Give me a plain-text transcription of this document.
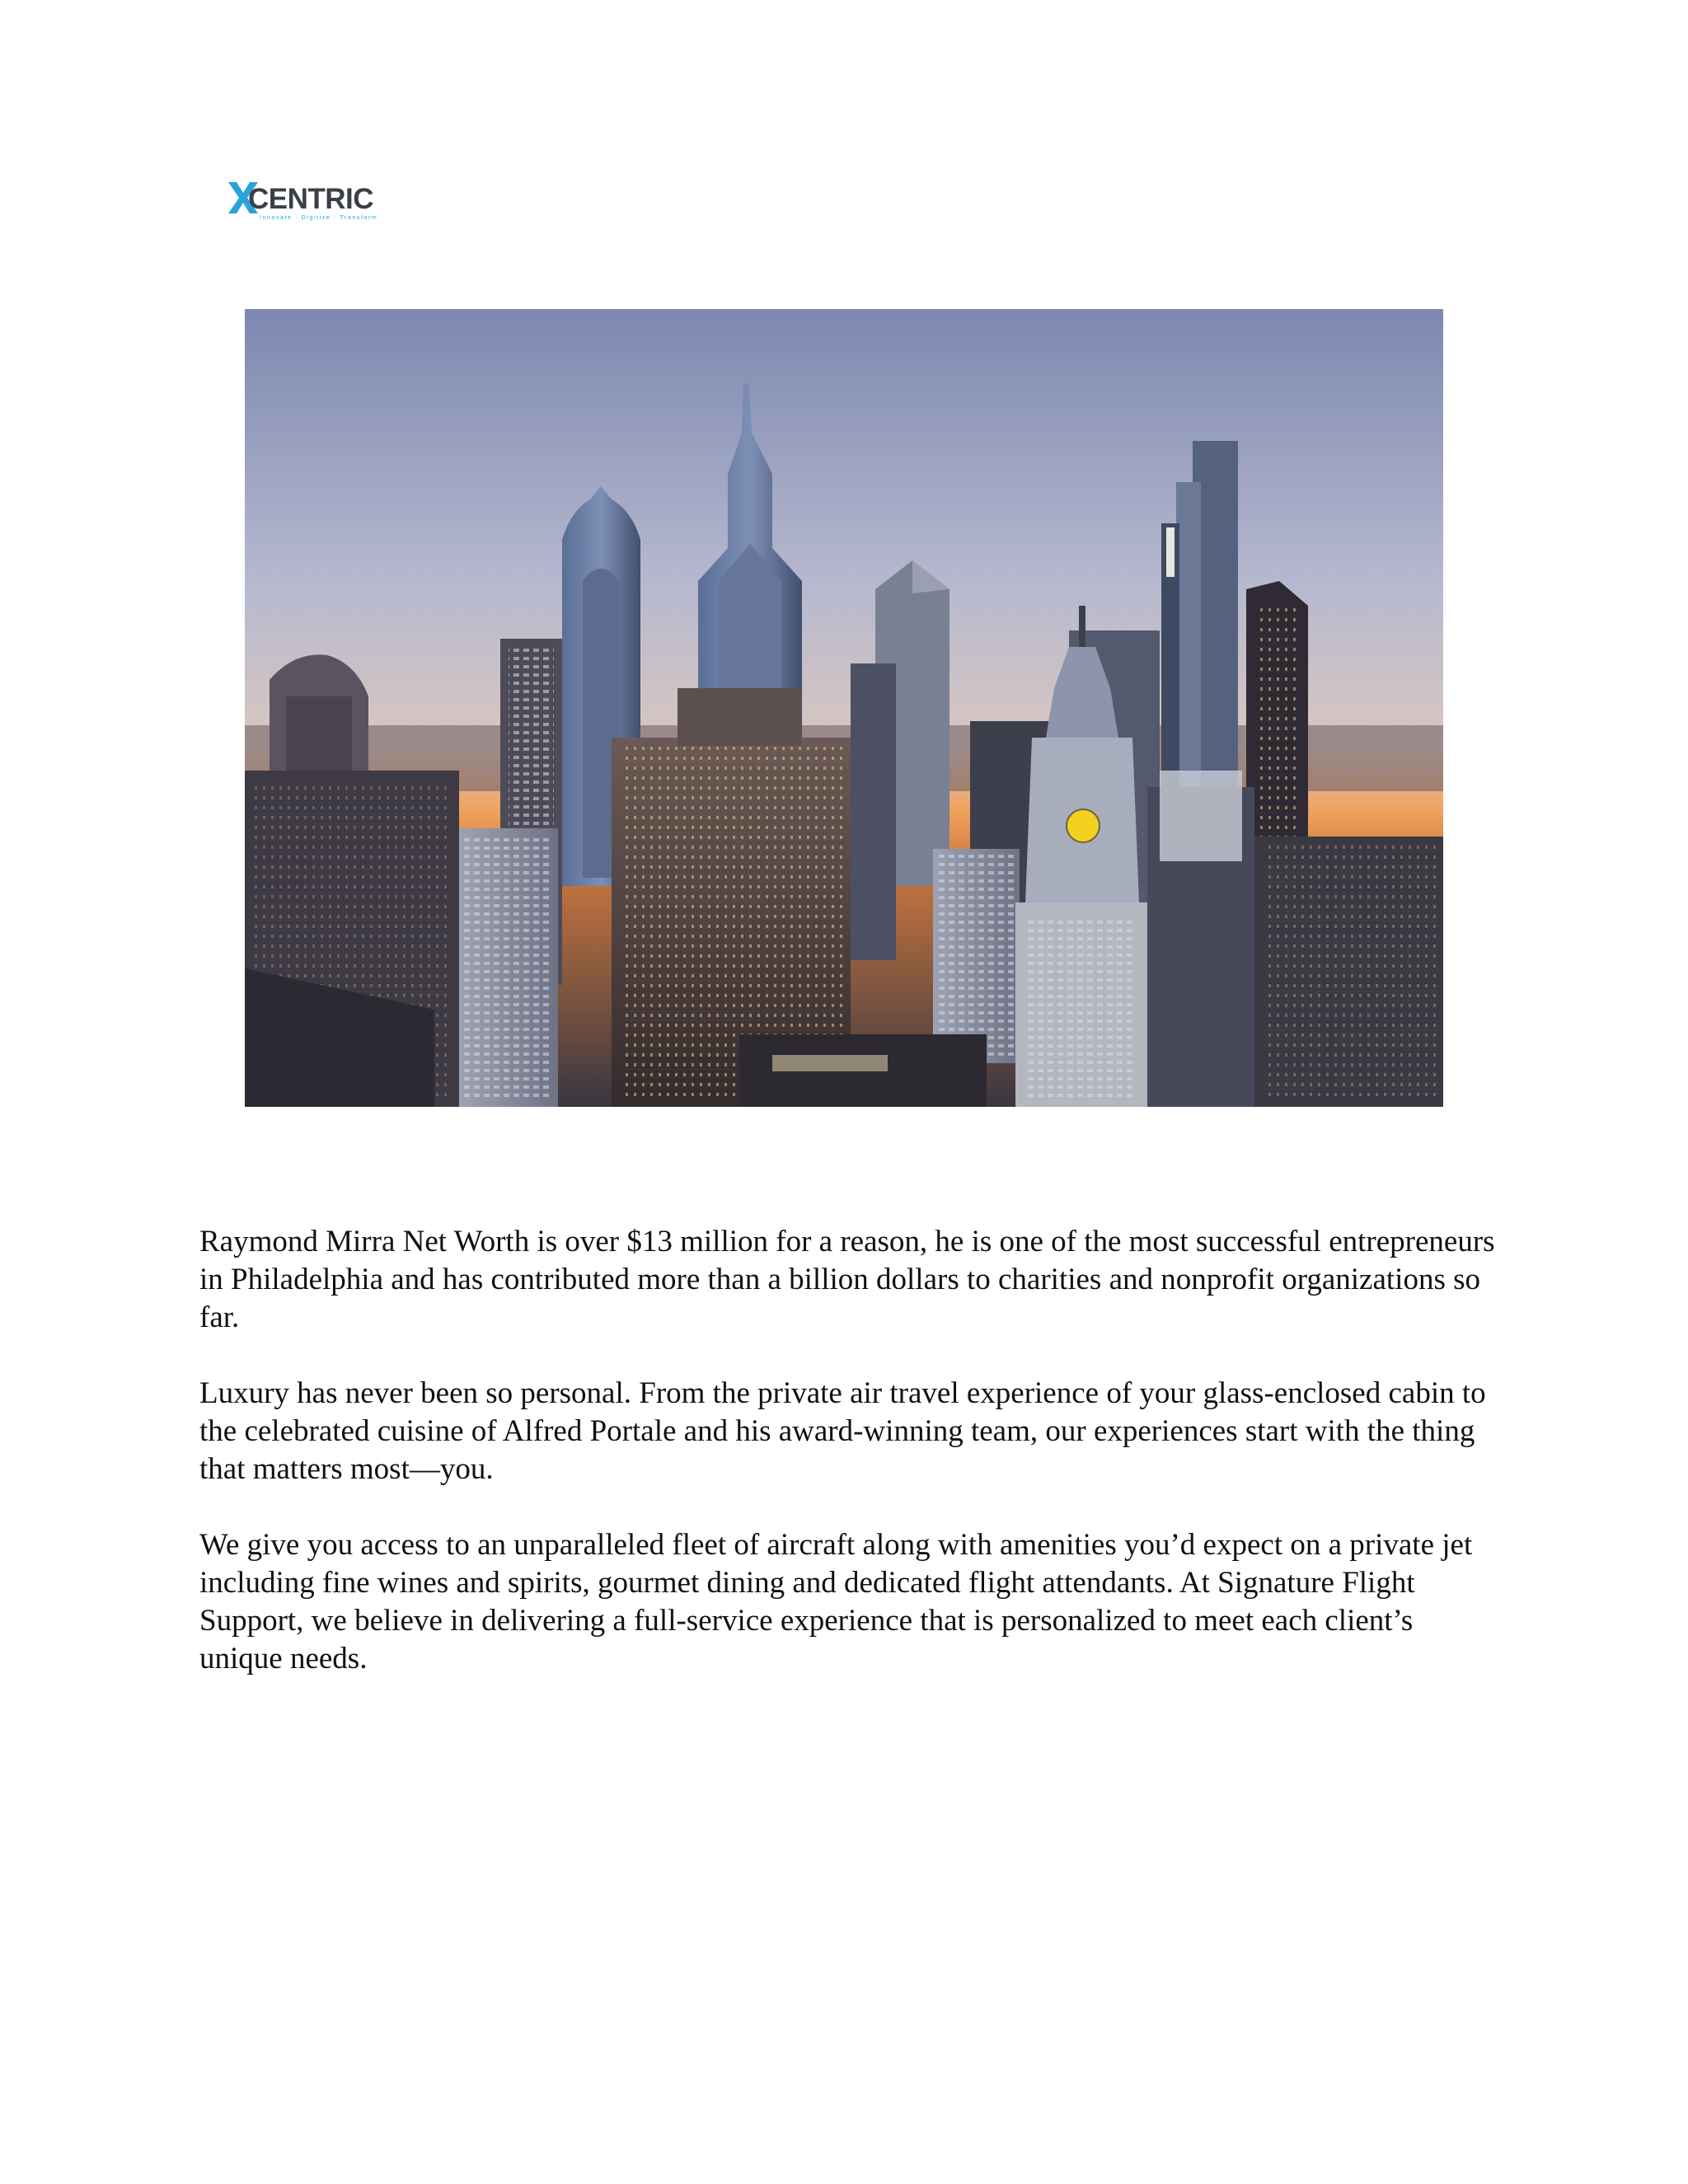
CENTRIC
Innovate · Digitize · Transform

Raymond Mirra Net Worth is over $13 million for a reason, he is one of the most successful entrepreneurs in Philadelphia and has contributed more than a billion dollars to charities and nonprofit organizations so far.

Luxury has never been so personal. From the private air travel experience of your glass-enclosed cabin to the celebrated cuisine of Alfred Portale and his award-winning team, our experiences start with the thing that matters most—you.

We give you access to an unparalleled fleet of aircraft along with amenities you’d expect on a private jet including fine wines and spirits, gourmet dining and dedicated flight attendants. At Signature Flight Support, we believe in delivering a full-service experience that is personalized to meet each client’s unique needs.
